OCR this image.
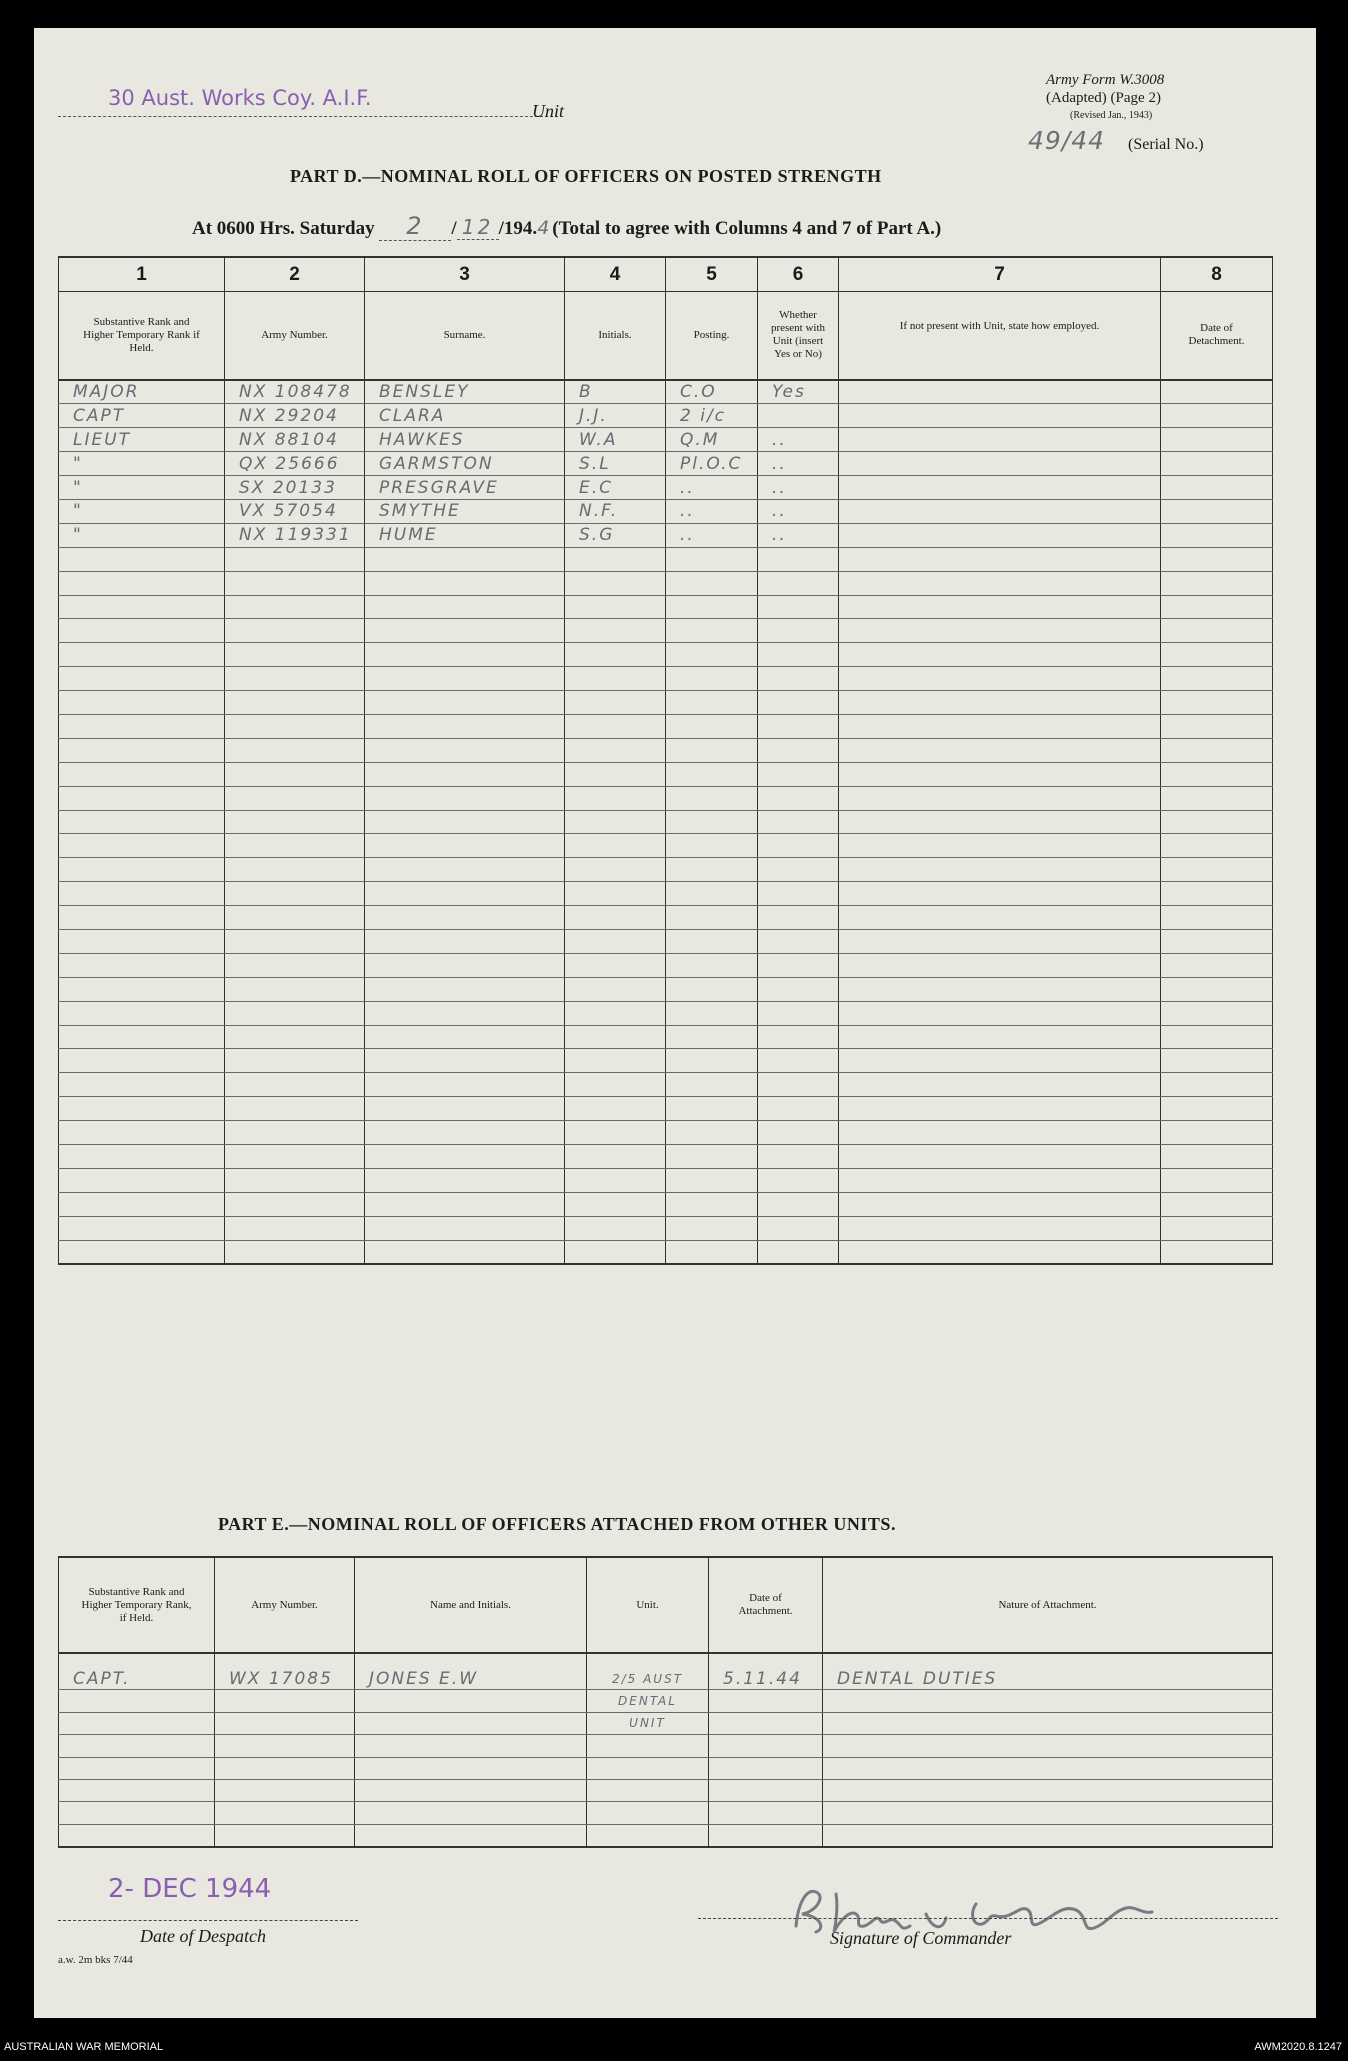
30 Aust. Works Coy. A.I.F.
Unit
Army Form W.3008
(Adapted) (Page 2)
(Revised Jan., 1943)
49/44 (Serial No.)
PART D.—NOMINAL ROLL OF OFFICERS ON POSTED STRENGTH
At 0600 Hrs. Saturday 2 / 12 /194.4(Total to agree with Columns 4 and 7 of Part A.)
1	2	3	4	5	6	7	8
Substantive Rank and Higher Temporary Rank if Held.	Army Number.	Surname.	Initials.	Posting.	Whether present with Unit (insert Yes or No)	If not present with Unit, state how employed.	Date of Detachment.
MAJOR	NX 108478	BENSLEY	B	C.O	Yes		
CAPT	NX 29204	CLARA	J.J.	2 i/c			
LIEUT	NX 88104	HAWKES	W.A	Q.M	..		
"	QX 25666	GARMSTON	S.L	Pl.O.C	..		
"	SX 20133	PRESGRAVE	E.C	..	..		
"	VX 57054	SMYTHE	N.F.	..	..		
"	NX 119331	HUME	S.G	..	..		

PART E.—NOMINAL ROLL OF OFFICERS ATTACHED FROM OTHER UNITS.
Substantive Rank and Higher Temporary Rank, if Held.	Army Number.	Name and Initials.	Unit.	Date of Attachment.	Nature of Attachment.
CAPT.	WX 17085	JONES E.W	2/5 AUST	5.11.44	DENTAL DUTIES
			DENTAL		
			UNIT		

2- DEC 1944
Date of Despatch	Signature of Commander
a.w. 2m bks 7/44
AUSTRALIAN WAR MEMORIAL	AWM2020.8.1247
